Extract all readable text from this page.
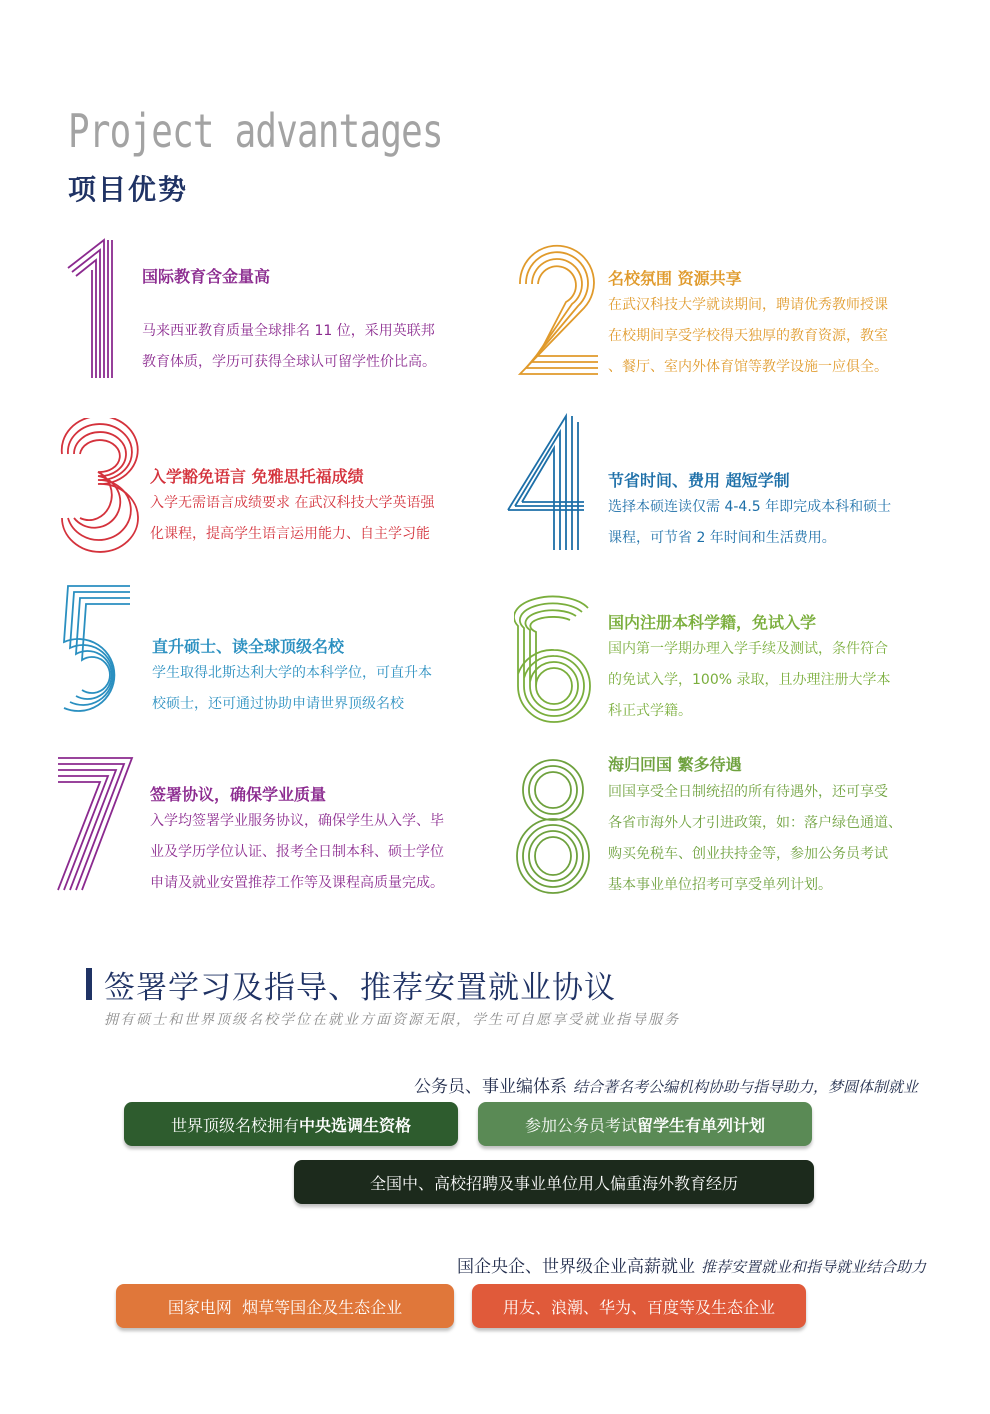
Project advantages
项目优势
国际教育含金量高
马来西亚教育质量全球排名 11 位，采用英联邦
教育体质，学历可获得全球认可留学性价比高。
名校氛围 资源共享
在武汉科技大学就读期间，聘请优秀教师授课
在校期间享受学校得天独厚的教育资源，教室
、餐厅、室内外体育馆等教学设施一应俱全。
入学豁免语言 免雅思托福成绩
入学无需语言成绩要求 在武汉科技大学英语强
化课程，提高学生语言运用能力、自主学习能
节省时间、费用 超短学制
选择本硕连读仅需 4-4.5 年即完成本科和硕士
课程，可节省 2 年时间和生活费用。
直升硕士、读全球顶级名校
学生取得北斯达利大学的本科学位，可直升本
校硕士，还可通过协助申请世界顶级名校
国内注册本科学籍，免试入学
国内第一学期办理入学手续及测试，条件符合
的免试入学，100% 录取，且办理注册大学本
科正式学籍。
签署协议，确保学业质量
入学均签署学业服务协议，确保学生从入学、毕
业及学历学位认证、报考全日制本科、硕士学位
申请及就业安置推荐工作等及课程高质量完成。
海归回国 繁多待遇
回国享受全日制统招的所有待遇外，还可享受
各省市海外人才引进政策，如：落户绿色通道、
购买免税车、创业扶持金等，参加公务员考试
基本事业单位招考可享受单列计划。
签署学习及指导、推荐安置就业协议
拥有硕士和世界顶级名校学位在就业方面资源无限，学生可自愿享受就业指导服务
公务员、事业编体系 结合著名考公编机构协助与指导助力，梦圆体制就业
世界顶级名校拥有 中央选调生资格	参加公务员考试 留学生有单列计划
全国中、高校招聘及事业单位用人偏重海外教育经历
国企央企、世界级企业高薪就业 推荐安置就业和指导就业结合助力
国家电网  烟草等国企及生态企业	用友、浪潮、华为、百度等及生态企业
